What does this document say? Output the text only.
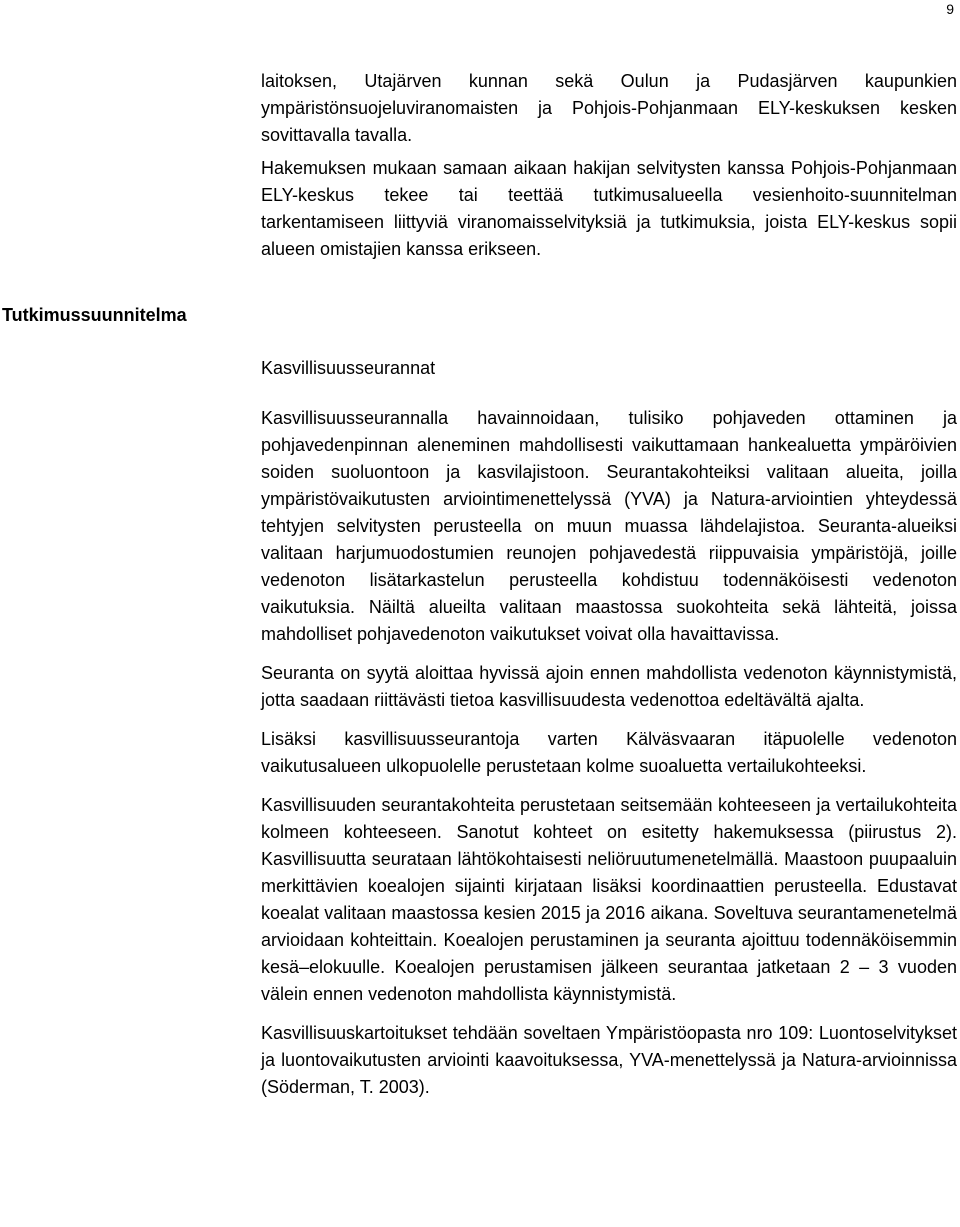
9

laitoksen, Utajärven kunnan sekä Oulun ja Pudasjärven kaupunkien ympäristönsuojeluviranomaisten ja Pohjois-Pohjanmaan ELY-keskuksen kesken sovittavalla tavalla.

Hakemuksen mukaan samaan aikaan hakijan selvitysten kanssa Pohjois-Pohjanmaan ELY-keskus tekee tai teettää tutkimusalueella vesienhoito-suunnitelman tarkentamiseen liittyviä viranomaisselvityksiä ja tutkimuksia, joista ELY-keskus sopii alueen omistajien kanssa erikseen.

Tutkimussuunnitelma

Kasvillisuusseurannat

Kasvillisuusseurannalla havainnoidaan, tulisiko pohjaveden ottaminen ja pohjavedenpinnan aleneminen mahdollisesti vaikuttamaan hankealuetta ympäröivien soiden suoluontoon ja kasvilajistoon. Seurantakohteiksi valitaan alueita, joilla ympäristövaikutusten arviointimenettelyssä (YVA) ja Natura-arviointien yhteydessä tehtyjen selvitysten perusteella on muun muassa lähdelajistoa. Seuranta-alueiksi valitaan harjumuodostumien reunojen pohjavedestä riippuvaisia ympäristöjä, joille vedenoton lisätarkastelun perusteella kohdistuu todennäköisesti vedenoton vaikutuksia. Näiltä alueilta valitaan maastossa suokohteita sekä lähteitä, joissa mahdolliset pohjavedenoton vaikutukset voivat olla havaittavissa.

Seuranta on syytä aloittaa hyvissä ajoin ennen mahdollista vedenoton käynnistymistä, jotta saadaan riittävästi tietoa kasvillisuudesta vedenottoa edeltävältä ajalta.

Lisäksi kasvillisuusseurantoja varten Kälväsvaaran itäpuolelle vedenoton vaikutusalueen ulkopuolelle perustetaan kolme suoaluetta vertailukohteeksi.

Kasvillisuuden seurantakohteita perustetaan seitsemään kohteeseen ja vertailukohteita kolmeen kohteeseen. Sanotut kohteet on esitetty hakemuksessa (piirustus 2). Kasvillisuutta seurataan lähtökohtaisesti neliöruutumenetelmällä. Maastoon puupaaluin merkittävien koealojen sijainti kirjataan lisäksi koordinaattien perusteella. Edustavat koealat valitaan maastossa kesien 2015 ja 2016 aikana. Soveltuva seurantamenetelmä arvioidaan kohteittain. Koealojen perustaminen ja seuranta ajoittuu todennäköisemmin kesä–elokuulle. Koealojen perustamisen jälkeen seurantaa jatketaan 2 – 3 vuoden välein ennen vedenoton mahdollista käynnistymistä.

Kasvillisuuskartoitukset tehdään soveltaen Ympäristöopasta nro 109: Luontoselvitykset ja luontovaikutusten arviointi kaavoituksessa, YVA-menettelyssä ja Natura-arvioinnissa (Söderman, T. 2003).
